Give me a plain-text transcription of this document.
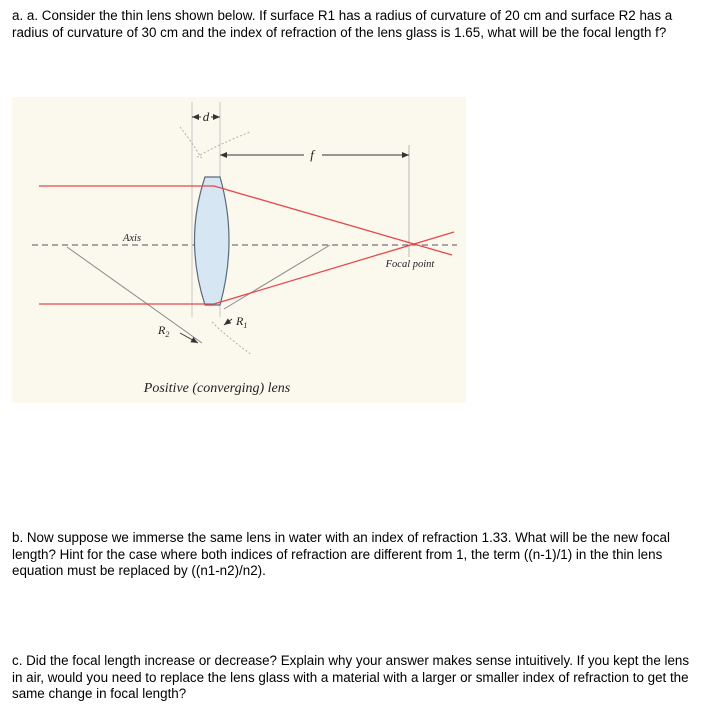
a. a. Consider the thin lens shown below. If surface R1 has a radius of curvature of 20 cm and surface R2 has a radius of curvature of 30 cm and the index of refraction of the lens glass is 1.65, what will be the focal length f?

d
f
Axis
Focal point
$R_1$
$R_2$
Positive (converging) lens

b. Now suppose we immerse the same lens in water with an index of refraction 1.33. What will be the new focal length? Hint for the case where both indices of refraction are different from 1, the term ((n-1)/1) in the thin lens equation must be replaced by ((n1-n2)/n2).

c. Did the focal length increase or decrease? Explain why your answer makes sense intuitively. If you kept the lens in air, would you need to replace the lens glass with a material with a larger or smaller index of refraction to get the same change in focal length?
